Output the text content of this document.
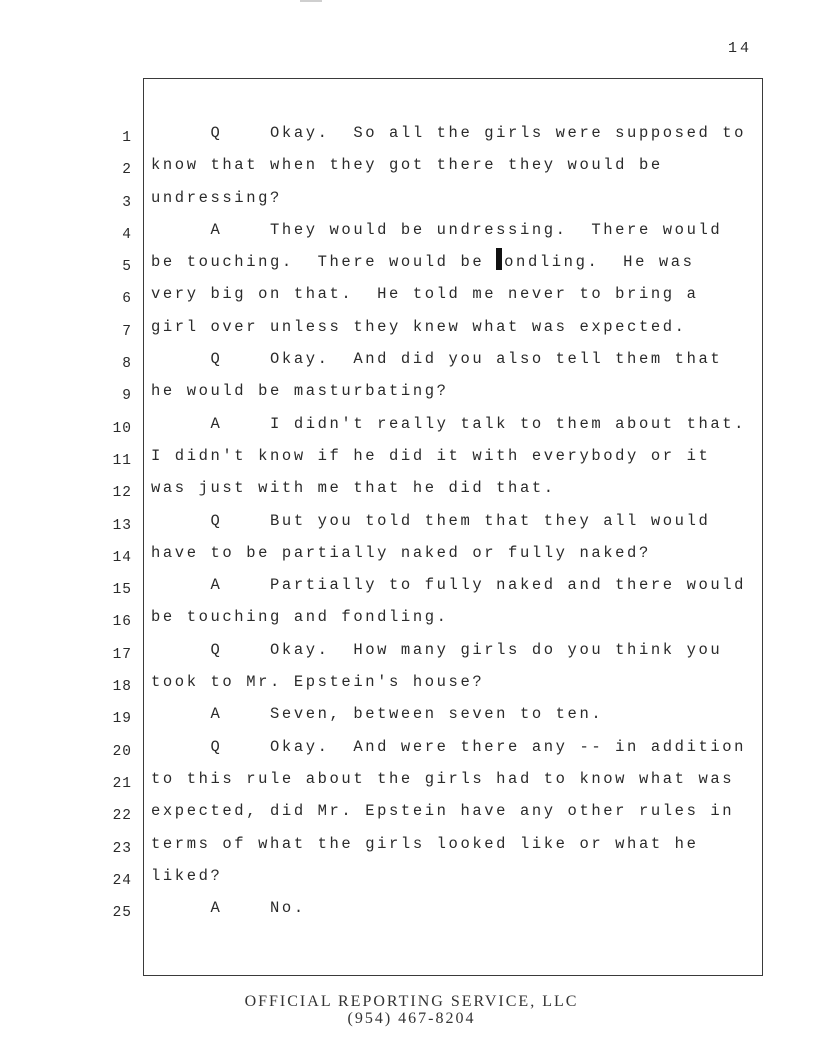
14
1
2
3
4
5
6
7
8
9
10
11
12
13
14
15
16
17
18
19
20
21
22
23
24
25
Q    Okay.  So all the girls were supposed to
know that when they got there they would be
undressing?
A    They would be undressing.  There would
be touching.  There would be ondling.  He was
very big on that.  He told me never to bring a
girl over unless they knew what was expected.
Q    Okay.  And did you also tell them that
he would be masturbating?
A    I didn't really talk to them about that.
I didn't know if he did it with everybody or it
was just with me that he did that.
Q    But you told them that they all would
have to be partially naked or fully naked?
A    Partially to fully naked and there would
be touching and fondling.
Q    Okay.  How many girls do you think you
took to Mr. Epstein's house?
A    Seven, between seven to ten.
Q    Okay.  And were there any -- in addition
to this rule about the girls had to know what was
expected, did Mr. Epstein have any other rules in
terms of what the girls looked like or what he
liked?
A    No.
OFFICIAL REPORTING SERVICE, LLC
(954) 467-8204
